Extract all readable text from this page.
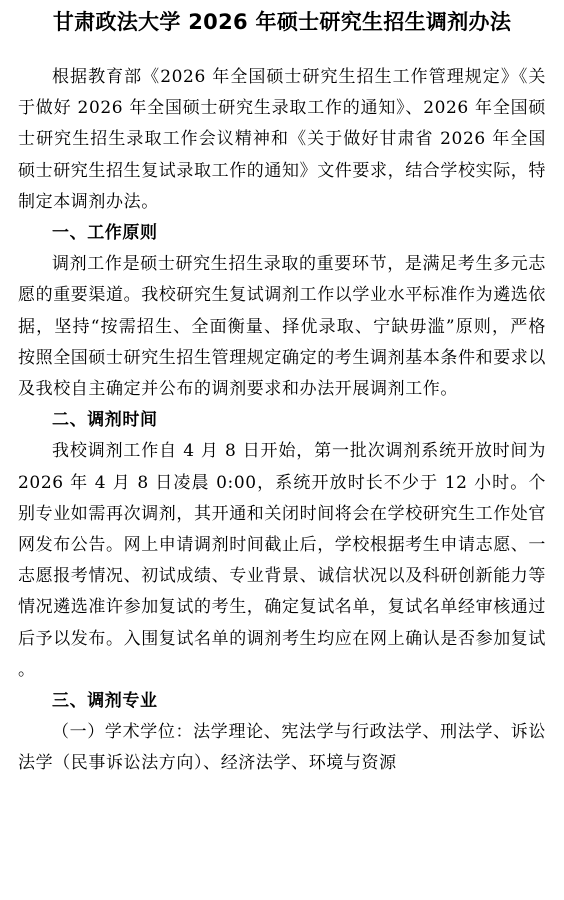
甘肃政法大学 2026 年硕士研究生招生调剂办法

根据教育部《2026 年全国硕士研究生招生工作管理规定》《关于做好 2026 年全国硕士研究生录取工作的通知》、2026 年全国硕士研究生招生录取工作会议精神和《关于做好甘肃省 2026 年全国硕士研究生招生复试录取工作的通知》文件要求，结合学校实际，特制定本调剂办法。

一、工作原则

调剂工作是硕士研究生招生录取的重要环节，是满足考生多元志愿的重要渠道。我校研究生复试调剂工作以学业水平标准作为遴选依据，坚持“按需招生、全面衡量、择优录取、宁缺毋滥”原则，严格按照全国硕士研究生招生管理规定确定的考生调剂基本条件和要求以及我校自主确定并公布的调剂要求和办法开展调剂工作。

二、调剂时间

我校调剂工作自 4 月 8 日开始，第一批次调剂系统开放时间为 2026 年 4 月 8 日凌晨 0:00，系统开放时长不少于 12 小时。个别专业如需再次调剂，其开通和关闭时间将会在学校研究生工作处官网发布公告。网上申请调剂时间截止后，学校根据考生申请志愿、一志愿报考情况、初试成绩、专业背景、诚信状况以及科研创新能力等情况遴选准许参加复试的考生，确定复试名单，复试名单经审核通过后予以发布。入围复试名单的调剂考生均应在网上确认是否参加复试。

三、调剂专业

（一）学术学位：法学理论、宪法学与行政法学、刑法学、诉讼法学（民事诉讼法方向）、经济法学、环境与资源
